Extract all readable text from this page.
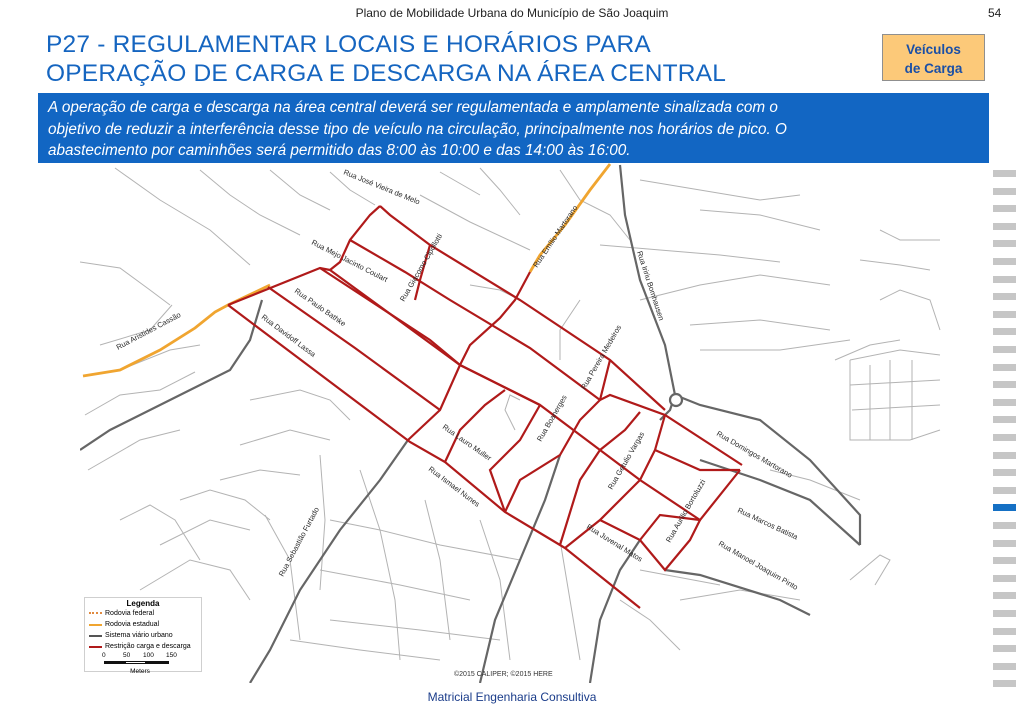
Plano de Mobilidade Urbana do Município de São Joaquim	54
P27 - REGULAMENTAR LOCAIS E HORÁRIOS PARA
OPERAÇÃO DE CARGA E DESCARGA NA ÁREA CENTRAL
Veículos
de Carga
A operação de carga e descarga na área central deverá ser regulamentada e amplamente sinalizada com o
objetivo de reduzir a interferência desse tipo de veículo na circulação, principalmente nos horários de pico. O
abastecimento por caminhões será permitido das 8:00 às 10:00 e das 14:00 às 16:00.
Rua José Vieira de Melo
Rua Emílio Martorano
Rua Mejo Jacinto Coulart Rua Giacomo Cipollotti	Rua Iririu Bomhausen
Rua Aristides Cassão
Rua Paulo Bathke
Rua Davidoff Lassa	Rua Pereira Medeiros
Rua Boanerges
Rua Lauro Muller	Rua Getulio Vargas	Rua Domingos Martorano
Rua Ismael Nunes	Rua Aurilio Bortoluzzi	Rua Marcos Batista
Rua Sebastião Furtado	Rua Juvenal Matos	Rua Manoel Joaquim Pinto
Legenda
Rodovia federal
Rodovia estadual
Sistema viário urbano
Restrição carga e descarga
0	50 100 150
Meters	©2015 CALIPER; ©2015 HERE
Matricial Engenharia Consultiva
